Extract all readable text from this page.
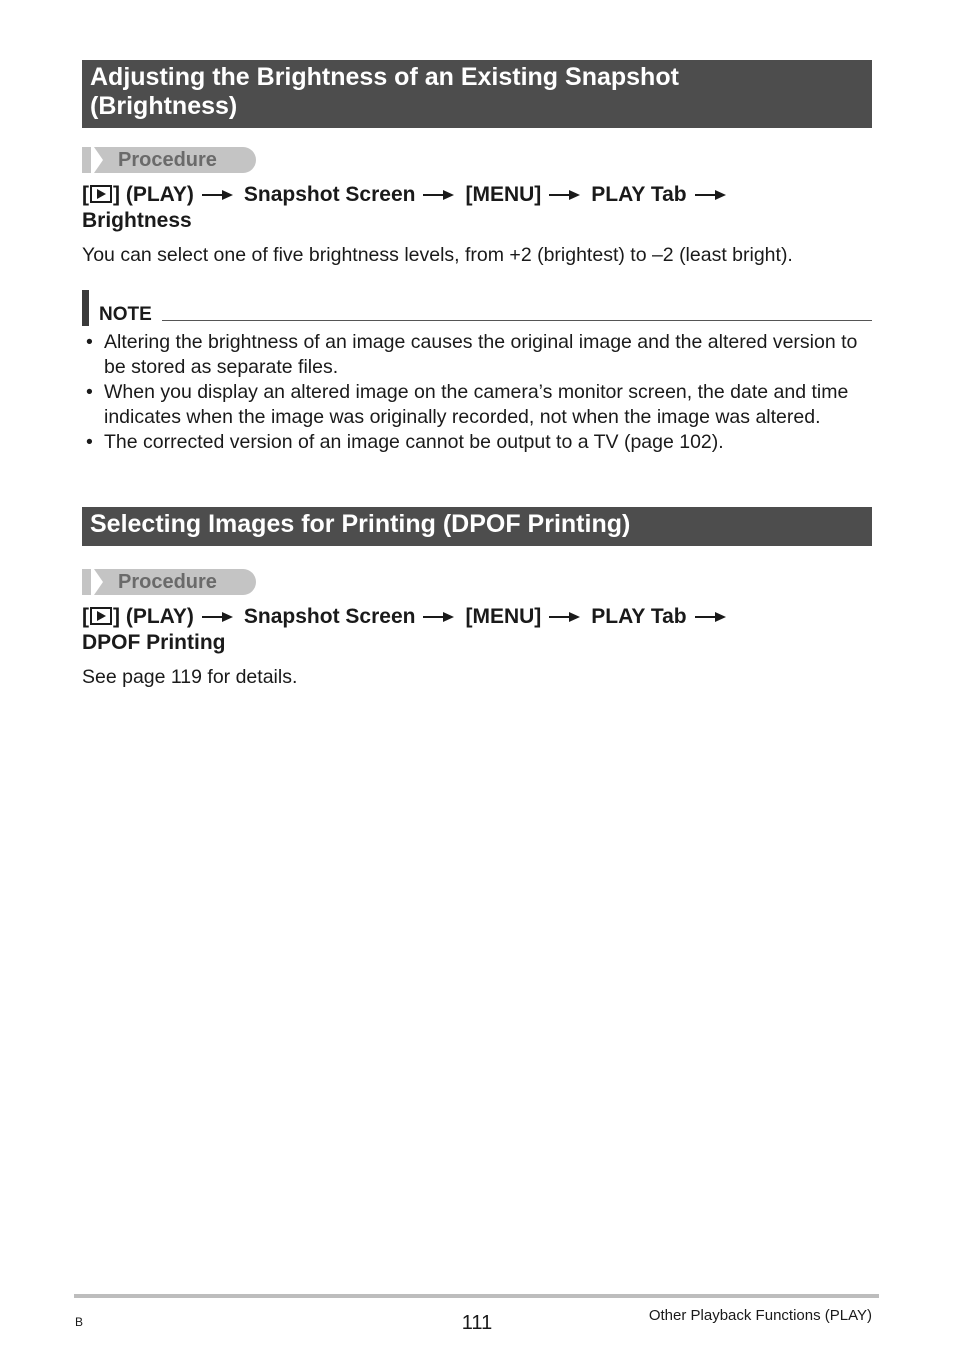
Adjusting the Brightness of an Existing Snapshot
(Brightness)
Procedure
[ ] (PLAY) Snapshot Screen [MENU] PLAY Tab
Brightness
You can select one of five brightness levels, from +2 (brightest) to –2 (least bright).
NOTE
• Altering the brightness of an image causes the original image and the altered version to be stored as separate files.
• When you display an altered image on the camera’s monitor screen, the date and time indicates when the image was originally recorded, not when the image was altered.
• The corrected version of an image cannot be output to a TV (page 102).
Selecting Images for Printing (DPOF Printing)
Procedure
[ ] (PLAY) Snapshot Screen [MENU] PLAY Tab
DPOF Printing
See page 119 for details.
B	111	Other Playback Functions (PLAY)
